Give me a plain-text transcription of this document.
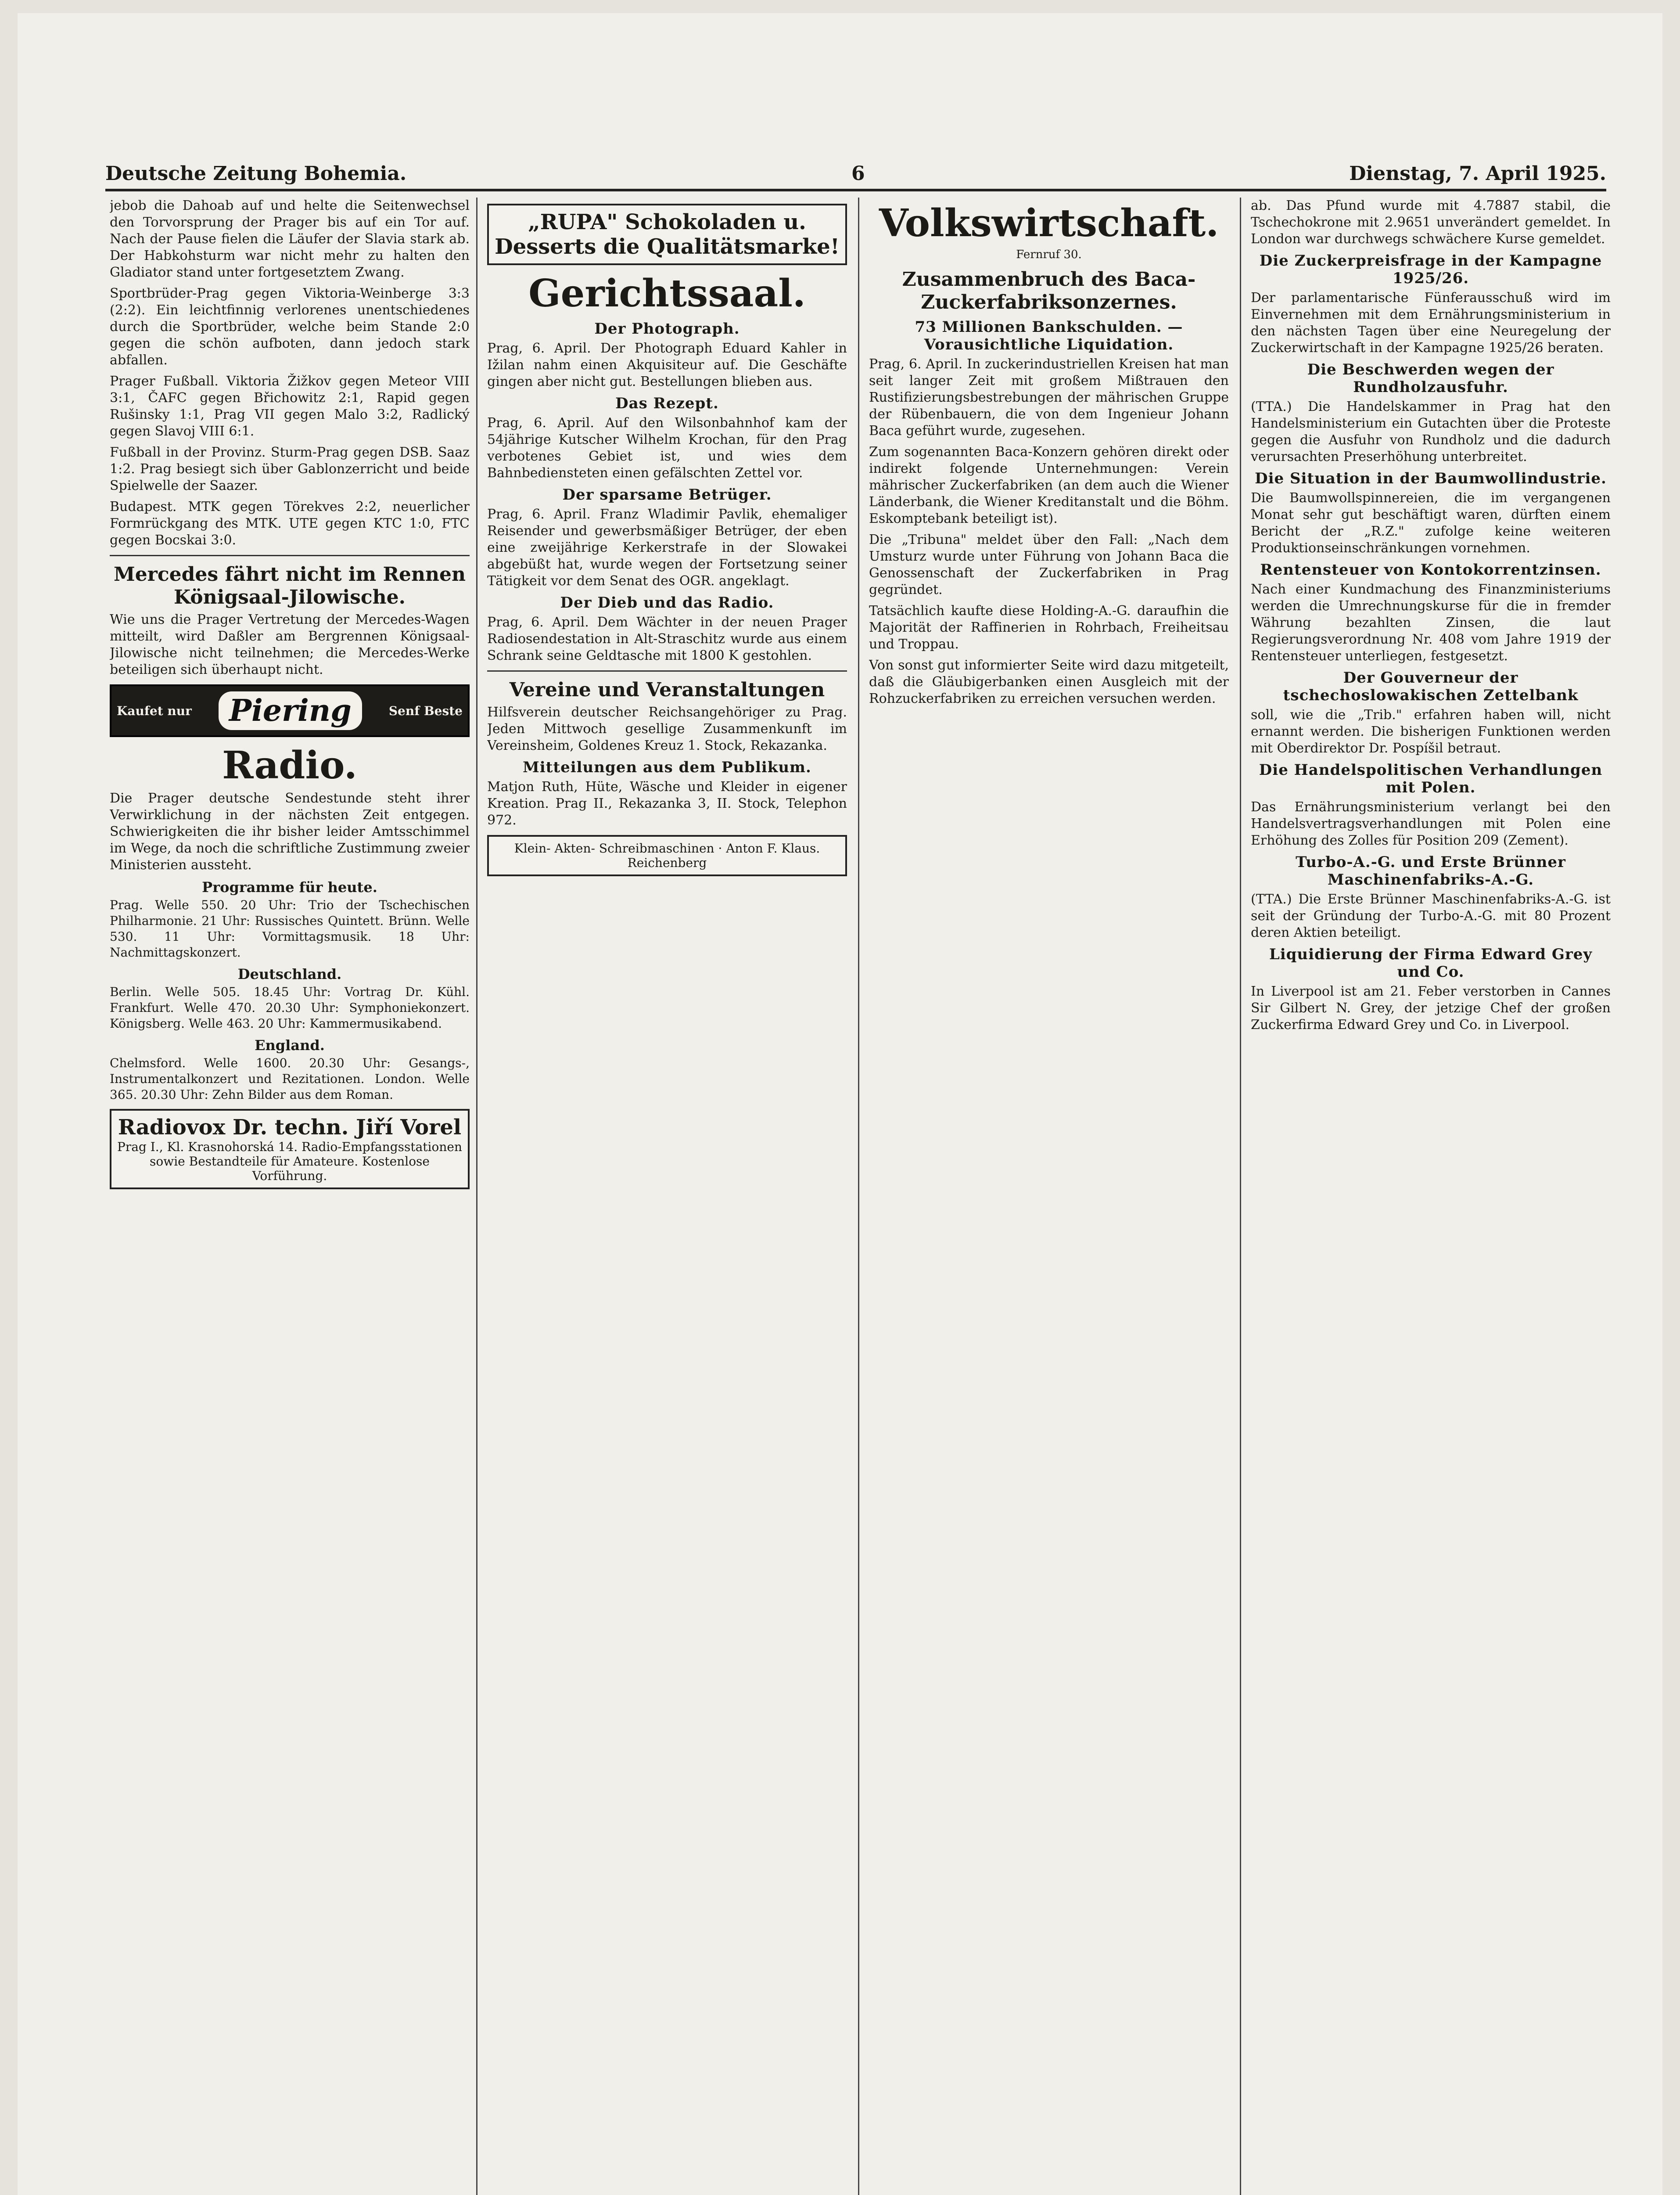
Deutsche Zeitung Bohemia.	6	Dienstag, 7. April 1925.

jebob die Dahoab auf und helte die Seitenwechsel den Torvorsprung der Prager bis auf ein Tor auf. Nach der Pause fielen die Läufer der Slavia stark ab. Der Habkohsturm war nicht mehr zu halten den Gladiator stand unter fortgesetztem Zwang.

Sportbrüder-Prag gegen Viktoria-Weinberge 3:3 (2:2). Ein leichtfinnig verlorenes unentschiedenes durch die Sportbrüder, welche beim Stande 2:0 gegen die schön aufboten, dann jedoch stark abfallen.

Prager Fußball. Viktoria Žižkov gegen Meteor VIII 3:1, ČAFC gegen Břichowitz 2:1, Rapid gegen Rušinsky 1:1, Prag VII gegen Malo 3:2, Radlický gegen Slavoj VIII 6:1.

Fußball in der Provinz. Sturm-Prag gegen DSB. Saaz 1:2. Prag besiegt sich über Gablonzerricht und beide Spielwelle der Saazer.

Budapest. MTK gegen Törekves 2:2, neuerlicher Formrückgang des MTK. UTE gegen KTC 1:0, FTC gegen Bocskai 3:0.

Mercedes fährt nicht im Rennen Königsaal-Jilowische.

Wie uns die Prager Vertretung der Mercedes-Wagen mitteilt, wird Daßler am Bergrennen Königsaal-Jilowische nicht teilnehmen; die Mercedes-Werke beteiligen sich überhaupt nicht.

Kaufet nur	Piering	Senf Beste
Radio.

Die Prager deutsche Sendestunde steht ihrer Verwirklichung in der nächsten Zeit entgegen. Schwierigkeiten die ihr bisher leider Amtsschimmel im Wege, da noch die schriftliche Zustimmung zweier Ministerien aussteht.

Programme für heute.

Prag. Welle 550. 20 Uhr: Trio der Tschechischen Philharmonie. 21 Uhr: Russisches Quintett. Brünn. Welle 530. 11 Uhr: Vormittagsmusik. 18 Uhr: Nachmittagskonzert.

Deutschland.

Berlin. Welle 505. 18.45 Uhr: Vortrag Dr. Kühl. Frankfurt. Welle 470. 20.30 Uhr: Symphoniekonzert. Königsberg. Welle 463. 20 Uhr: Kammermusikabend.

England.

Chelmsford. Welle 1600. 20.30 Uhr: Gesangs-, Instrumentalkonzert und Rezitationen. London. Welle 365. 20.30 Uhr: Zehn Bilder aus dem Roman.

Radiovox Dr. techn. Jiří Vorel
Prag I., Kl. Krasnohorská 14. Radio-Empfangsstationen sowie Bestandteile für Amateure. Kostenlose Vorführung.
„RUPA" Schokoladen u. Desserts die Qualitätsmarke!
Gerichtssaal.
Der Photograph.

Prag, 6. April. Der Photograph Eduard Kahler in Ižilan nahm einen Akquisiteur auf. Die Geschäfte gingen aber nicht gut. Bestellungen blieben aus.

Das Rezept.

Prag, 6. April. Auf den Wilsonbahnhof kam der 54jährige Kutscher Wilhelm Krochan, für den Prag verbotenes Gebiet ist, und wies dem Bahnbediensteten einen gefälschten Zettel vor.

Der sparsame Betrüger.

Prag, 6. April. Franz Wladimir Pavlik, ehemaliger Reisender und gewerbsmäßiger Betrüger, der eben eine zweijährige Kerkerstrafe in der Slowakei abgebüßt hat, wurde wegen der Fortsetzung seiner Tätigkeit vor dem Senat des OGR. angeklagt.

Der Dieb und das Radio.

Prag, 6. April. Dem Wächter in der neuen Prager Radiosendestation in Alt-Straschitz wurde aus einem Schrank seine Geldtasche mit 1800 K gestohlen.

Vereine und Veranstaltungen

Hilfsverein deutscher Reichsangehöriger zu Prag. Jeden Mittwoch gesellige Zusammenkunft im Vereinsheim, Goldenes Kreuz 1. Stock, Rekazanka.

Mitteilungen aus dem Publikum.

Matjon Ruth, Hüte, Wäsche und Kleider in eigener Kreation. Prag II., Rekazanka 3, II. Stock, Telephon 972.

Klein- Akten- Schreibmaschinen · Anton F. Klaus. Reichenberg
Volkswirtschaft.
Fernruf 30.
Zusammenbruch des Baca-Zuckerfabriksonzernes.
73 Millionen Bankschulden. — Vorausichtliche Liquidation.

Prag, 6. April. In zuckerindustriellen Kreisen hat man seit langer Zeit mit großem Mißtrauen den Rustifizierungsbestrebungen der mährischen Gruppe der Rübenbauern, die von dem Ingenieur Johann Baca geführt wurde, zugesehen.

Zum sogenannten Baca-Konzern gehören direkt oder indirekt folgende Unternehmungen: Verein mährischer Zuckerfabriken (an dem auch die Wiener Länderbank, die Wiener Kreditanstalt und die Böhm. Eskomptebank beteiligt ist).

Die „Tribuna" meldet über den Fall: „Nach dem Umsturz wurde unter Führung von Johann Baca die Genossenschaft der Zuckerfabriken in Prag gegründet.

Tatsächlich kaufte diese Holding-A.-G. daraufhin die Majorität der Raffinerien in Rohrbach, Freiheitsau und Troppau.

Von sonst gut informierter Seite wird dazu mitgeteilt, daß die Gläubigerbanken einen Ausgleich mit der Rohzuckerfabriken zu erreichen versuchen werden.

ab. Das Pfund wurde mit 4.7887 stabil, die Tschechokrone mit 2.9651 unverändert gemeldet. In London war durchwegs schwächere Kurse gemeldet.

Die Zuckerpreisfrage in der Kampagne 1925/26.

Der parlamentarische Fünferausschuß wird im Einvernehmen mit dem Ernährungsministerium in den nächsten Tagen über eine Neuregelung der Zuckerwirtschaft in der Kampagne 1925/26 beraten.

Die Beschwerden wegen der Rundholzausfuhr.

(TTA.) Die Handelskammer in Prag hat den Handelsministerium ein Gutachten über die Proteste gegen die Ausfuhr von Rundholz und die dadurch verursachten Preserhöhung unterbreitet.

Die Situation in der Baumwollindustrie.

Die Baumwollspinnereien, die im vergangenen Monat sehr gut beschäftigt waren, dürften einem Bericht der „R.Z." zufolge keine weiteren Produktionseinschränkungen vornehmen.

Rentensteuer von Kontokorrentzinsen.

Nach einer Kundmachung des Finanzministeriums werden die Umrechnungskurse für die in fremder Währung bezahlten Zinsen, die laut Regierungsverordnung Nr. 408 vom Jahre 1919 der Rentensteuer unterliegen, festgesetzt.

Der Gouverneur der tschechoslowakischen Zettelbank

soll, wie die „Trib." erfahren haben will, nicht ernannt werden. Die bisherigen Funktionen werden mit Oberdirektor Dr. Pospíšil betraut.

Die Handelspolitischen Verhandlungen mit Polen.

Das Ernährungsministerium verlangt bei den Handelsvertragsverhandlungen mit Polen eine Erhöhung des Zolles für Position 209 (Zement).

Turbo-A.-G. und Erste Brünner Maschinenfabriks-A.-G.

(TTA.) Die Erste Brünner Maschinenfabriks-A.-G. ist seit der Gründung der Turbo-A.-G. mit 80 Prozent deren Aktien beteiligt.

Liquidierung der Firma Edward Grey und Co.

In Liverpool ist am 21. Feber verstorben in Cannes Sir Gilbert N. Grey, der jetzige Chef der großen Zuckerfirma Edward Grey und Co. in Liverpool.
